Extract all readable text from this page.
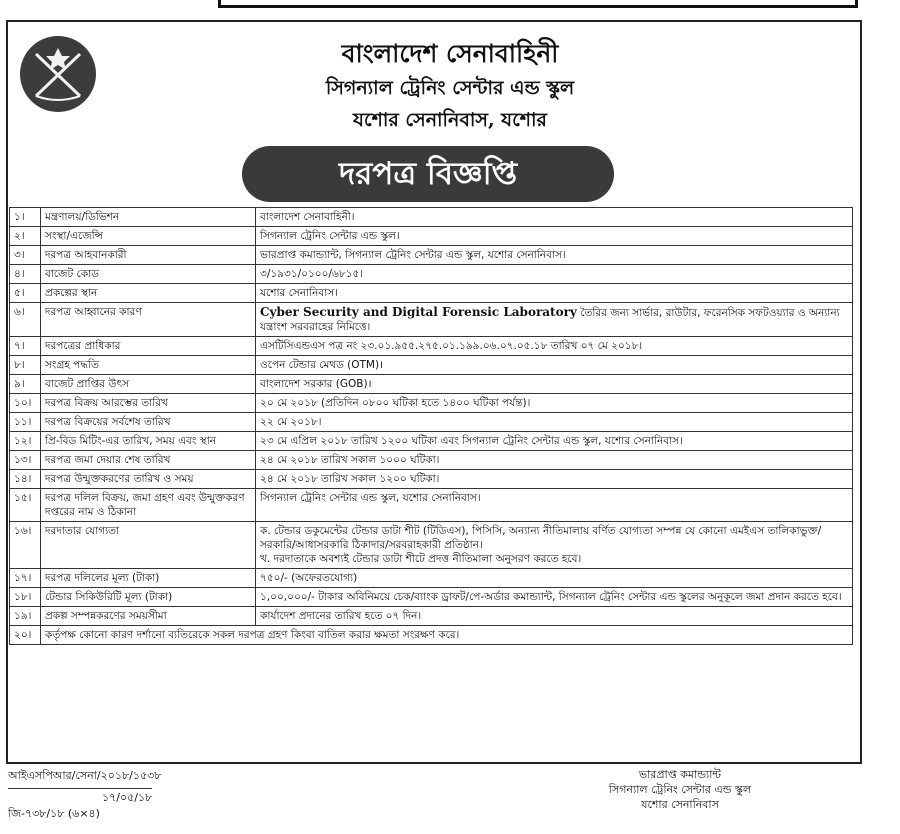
বাংলাদেশ সেনাবাহিনী
সিগন্যাল ট্রেনিং সেন্টার এন্ড স্কুল
যশোর সেনানিবাস, যশোর
দরপত্র বিজ্ঞপ্তি
১।	মন্ত্রণালয়/ডিভিশন	বাংলাদেশ সেনাবাহিনী।
২।	সংস্থা/এজেন্সি	সিগন্যাল ট্রেনিং সেন্টার এন্ড স্কুল।
৩।	দরপত্র আহবানকারী	ভারপ্রাপ্ত কমান্ড্যান্ট, সিগন্যাল ট্রেনিং সেন্টার এন্ড স্কুল, যশোর সেনানিবাস।
৪।	বাজেট কোড	৩/১৯৩১/০১০০/৬৮১৫।
৫।	প্রকল্পের স্থান	যশোর সেনানিবাস।
৬।	দরপত্র আহ্বানের কারণ	Cyber Security and Digital Forensic Laboratory তৈরির জন্য সার্ভার, রাউটার, ফরেনসিক সফটওয়্যার ও অন্যান্য যন্ত্রাংশ সরবরাহের নিমিত্তে।
৭।	দরপত্রের প্রাধিকার	এসটিসিএন্ডএস পত্র নং ২৩.০১.৯৫৫.২৭৫.০১.১৯৯.০৬.০৭.০৫.১৮ তারিখ ০৭ মে ২০১৮।
৮।	সংগ্রহ পদ্ধতি	ওপেন টেন্ডার মেথড (OTM)।
৯।	বাজেট প্রাপ্তির উৎস	বাংলাদেশ সরকার (GOB)।
১০।	দরপত্র বিক্রয় আরম্ভের তারিখ	২০ মে ২০১৮ (প্রতিদিন ০৮০০ ঘটিকা হতে ১৪০০ ঘটিকা পর্যন্ত)।
১১।	দরপত্র বিক্রয়ের সর্বশেষ তারিখ	২২ মে ২০১৮।
১২।	প্রি-বিড মিটিং-এর তারিখ, সময় এবং স্থান	২৩ মে এপ্রিল ২০১৮ তারিখ ১২০০ ঘটিকা এবং সিগন্যাল ট্রেনিং সেন্টার এন্ড স্কুল, যশোর সেনানিবাস।
১৩।	দরপত্র জমা দেয়ার শেষ তারিখ	২৪ মে ২০১৮ তারিখ সকাল ১০০০ ঘটিকা।
১৪।	দরপত্র উন্মুক্তকরণের তারিখ ও সময়	২৪ মে ২০১৮ তারিখ সকাল ১২০০ ঘটিকা।
১৫।	দরপত্র দলিল বিক্রয়, জমা গ্রহণ এবং উন্মুক্তকরণ দপ্তরের নাম ও ঠিকানা	সিগন্যাল ট্রেনিং সেন্টার এন্ড স্কুল, যশোর সেনানিবাস।
১৬।	দরদাতার যোগ্যতা	ক. টেন্ডার ডকুমেন্টের টেন্ডার ডাটা শীট (টিডিএস), পিসিসি, অন্যান্য নীতিমালায় বর্ণিত যোগ্যতা সম্পন্ন যে কোনো এমইএস তালিকাভুক্ত/সরকারি/আধাসরকারি ঠিকাদার/সরবরাহকারী প্রতিষ্ঠান।
খ. দরদাতাকে অবশ্যই টেন্ডার ডাটা শীটে প্রদত্ত নীতিমালা অনুসরণ করতে হবে।

১৭।	দরপত্র দলিলের মূল্য (টাকা)	৭৫০/- (অফেরতযোগ্য)
১৮।	টেন্ডার সিকিউরিটি মূল্য (টাকা)	১,০০,০০০/- টাকার অবিনিময়ে চেক/ব্যাংক ড্রাফট/পে-অর্ডার কমান্ড্যান্ট, সিগন্যাল ট্রেনিং সেন্টার এন্ড স্কুলের অনুকূলে জমা প্রদান করতে হবে।
১৯।	প্রকল্প সম্পন্নকরণের সময়সীমা	কার্যাদেশ প্রদানের তারিখ হতে ০৭ দিন।
২০।	কর্তৃপক্ষ কোনো কারণ দর্শানো ব্যতিরেকে সকল দরপত্র গ্রহণ কিংবা বাতিল করার ক্ষমতা সংরক্ষণ করে।	
আইএসপিআর/সেনা/২০১৮/১৫৩৮
১৭/০৫/১৮
জি-৭৩৮/১৮ (৬×৪)
ভারপ্রাপ্ত কমান্ড্যান্ট
সিগন্যাল ট্রেনিং সেন্টার এন্ড স্কুল
যশোর সেনানিবাস
